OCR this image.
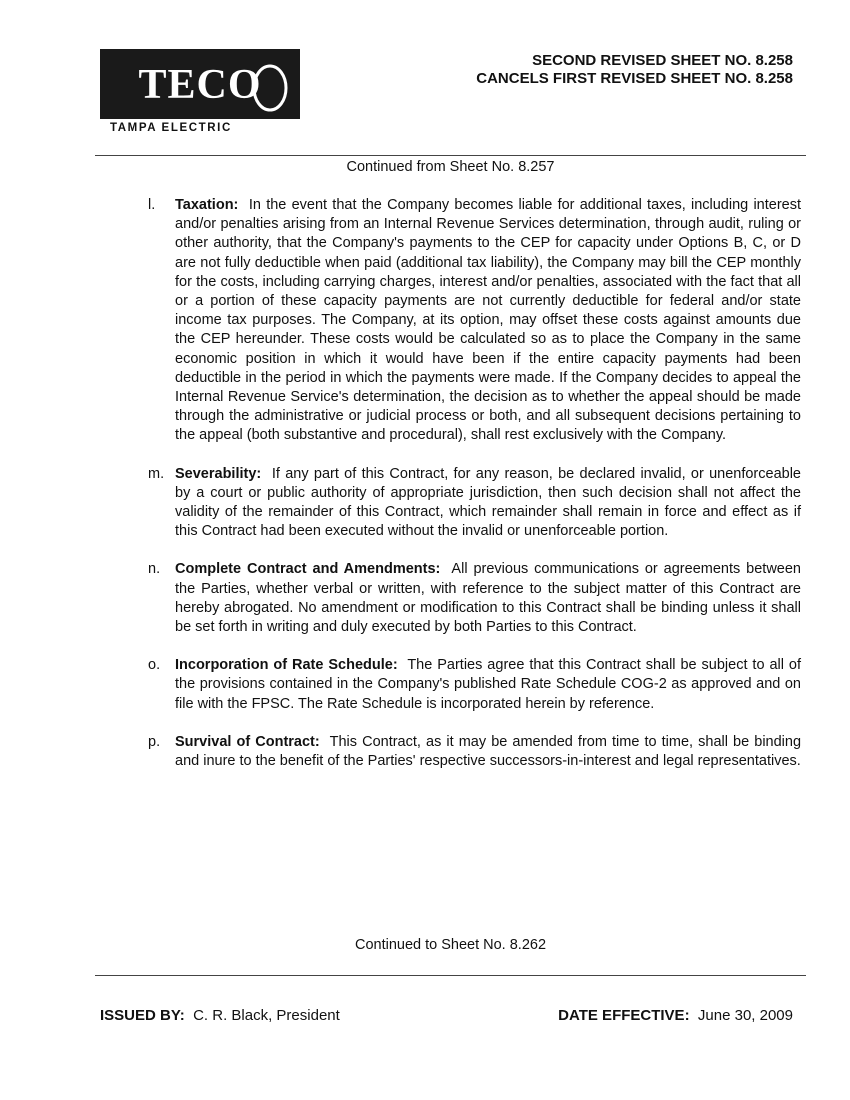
TECO
TAMPA ELECTRIC
SECOND REVISED SHEET NO. 8.258
CANCELS FIRST REVISED SHEET NO. 8.258
Continued from Sheet No. 8.257
l. Taxation: In the event that the Company becomes liable for additional taxes, including interest and/or penalties arising from an Internal Revenue Services determination, through audit, ruling or other authority, that the Company's payments to the CEP for capacity under Options B, C, or D are not fully deductible when paid (additional tax liability), the Company may bill the CEP monthly for the costs, including carrying charges, interest and/or penalties, associated with the fact that all or a portion of these capacity payments are not currently deductible for federal and/or state income tax purposes. The Company, at its option, may offset these costs against amounts due the CEP hereunder. These costs would be calculated so as to place the Company in the same economic position in which it would have been if the entire capacity payments had been deductible in the period in which the payments were made. If the Company decides to appeal the Internal Revenue Service's determination, the decision as to whether the appeal should be made through the administrative or judicial process or both, and all subsequent decisions pertaining to the appeal (both substantive and procedural), shall rest exclusively with the Company.
m. Severability: If any part of this Contract, for any reason, be declared invalid, or unenforceable by a court or public authority of appropriate jurisdiction, then such decision shall not affect the validity of the remainder of this Contract, which remainder shall remain in force and effect as if this Contract had been executed without the invalid or unenforceable portion.
n. Complete Contract and Amendments: All previous communications or agreements between the Parties, whether verbal or written, with reference to the subject matter of this Contract are hereby abrogated. No amendment or modification to this Contract shall be binding unless it shall be set forth in writing and duly executed by both Parties to this Contract.
o. Incorporation of Rate Schedule: The Parties agree that this Contract shall be subject to all of the provisions contained in the Company's published Rate Schedule COG-2 as approved and on file with the FPSC. The Rate Schedule is incorporated herein by reference.
p. Survival of Contract: This Contract, as it may be amended from time to time, shall be binding and inure to the benefit of the Parties' respective successors-in-interest and legal representatives.
Continued to Sheet No. 8.262
ISSUED BY: C. R. Black, President	DATE EFFECTIVE: June 30, 2009
